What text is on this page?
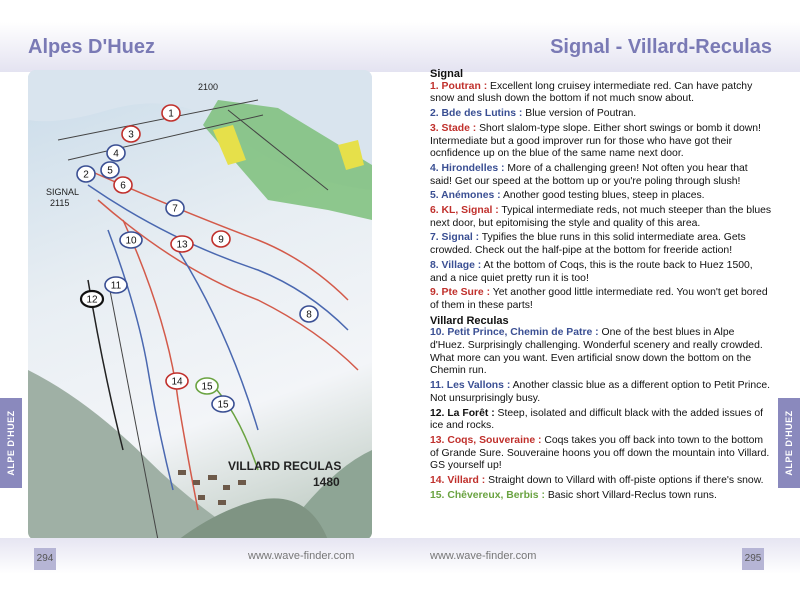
Alpes D'Huez
2100
SIGNAL
2115
VILLARD RECULAS
1480
1
2
3
4
5
6
7
8
9
10
11
12
13
14 15
15
ALPE D'HUEZ
294	www.wave-finder.com
Signal - Villard-Reculas

Signal

1. Poutran : Excellent long cruisey intermediate red. Can have patchy snow and slush down the bottom if not much snow about.

2. Bde des Lutins : Blue version of Poutran.

3. Stade : Short slalom-type slope. Either short swings or bomb it down! Intermediate but a good improver run for those who have got their ocnfidence up on the blue of the same name next door.

4. Hirondelles : More of a challenging green! Not often you hear that said! Get our speed at the bottom up or you're poling through slush!

5. Anémones : Another good testing blues, steep in places.

6. KL, Signal : Typical intermediate reds, not much steeper than the blues next door, but epitomising the style and quality of this area.

7. Signal : Typifies the blue runs in this solid intermediate area. Gets crowded. Check out the half-pipe at the bottom for freeride action!

8. Village : At the bottom of Coqs, this is the route back to Huez 1500, and a nice quiet pretty run it is too!

9. Pte Sure : Yet another good little intermediate red. You won't get bored of them in these parts!

Villard Reculas

10. Petit Prince, Chemin de Patre : One of the best blues in Alpe d'Huez. Surprisingly challenging. Wonderful scenery and really crowded. What more can you want. Even artificial snow down the bottom on the Chemin run.

11. Les Vallons : Another classic blue as a different option to Petit Prince. Not unsurprisingly busy.

12. La Forêt : Steep, isolated and difficult black with the added issues of ice and rocks.

13. Coqs, Souveraine : Coqs takes you off back into town to the bottom of Grande Sure. Souveraine hoons you off down the mountain into Villard. GS yourself up!

14. Villard : Straight down to Villard with off-piste options if there's snow.

15. Chêvereux, Berbis : Basic short Villard-Reclus town runs.

ALPE D'HUEZ
295
www.wave-finder.com
